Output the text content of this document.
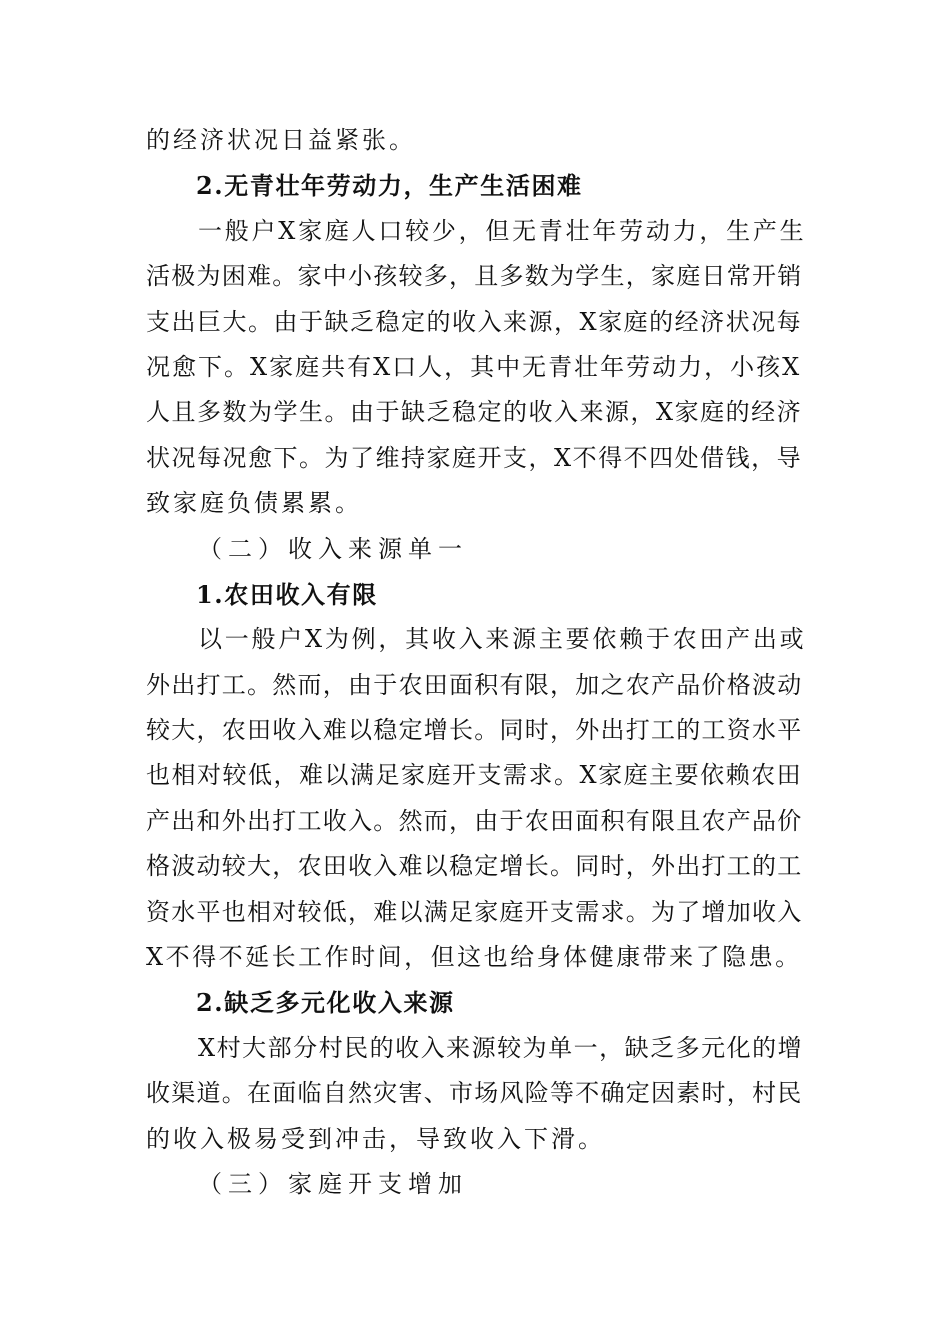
的经济状况日益紧张。
2.无青壮年劳动力，生产生活困难
一般户X家庭人口较少，但无青壮年劳动力，生产生
活极为困难。家中小孩较多，且多数为学生，家庭日常开销
支出巨大。由于缺乏稳定的收入来源，X家庭的经济状况每
况愈下。X家庭共有X口人，其中无青壮年劳动力，小孩X
人且多数为学生。由于缺乏稳定的收入来源，X家庭的经济
状况每况愈下。为了维持家庭开支，X不得不四处借钱，导
致家庭负债累累。
（二）收入来源单一
1.农田收入有限
以一般户X为例，其收入来源主要依赖于农田产出或
外出打工。然而，由于农田面积有限，加之农产品价格波动
较大，农田收入难以稳定增长。同时，外出打工的工资水平
也相对较低，难以满足家庭开支需求。X家庭主要依赖农田
产出和外出打工收入。然而，由于农田面积有限且农产品价
格波动较大，农田收入难以稳定增长。同时，外出打工的工
资水平也相对较低，难以满足家庭开支需求。为了增加收入
X不得不延长工作时间，但这也给身体健康带来了隐患。
2.缺乏多元化收入来源
X村大部分村民的收入来源较为单一，缺乏多元化的增
收渠道。在面临自然灾害、市场风险等不确定因素时，村民
的收入极易受到冲击，导致收入下滑。
（三）家庭开支增加
